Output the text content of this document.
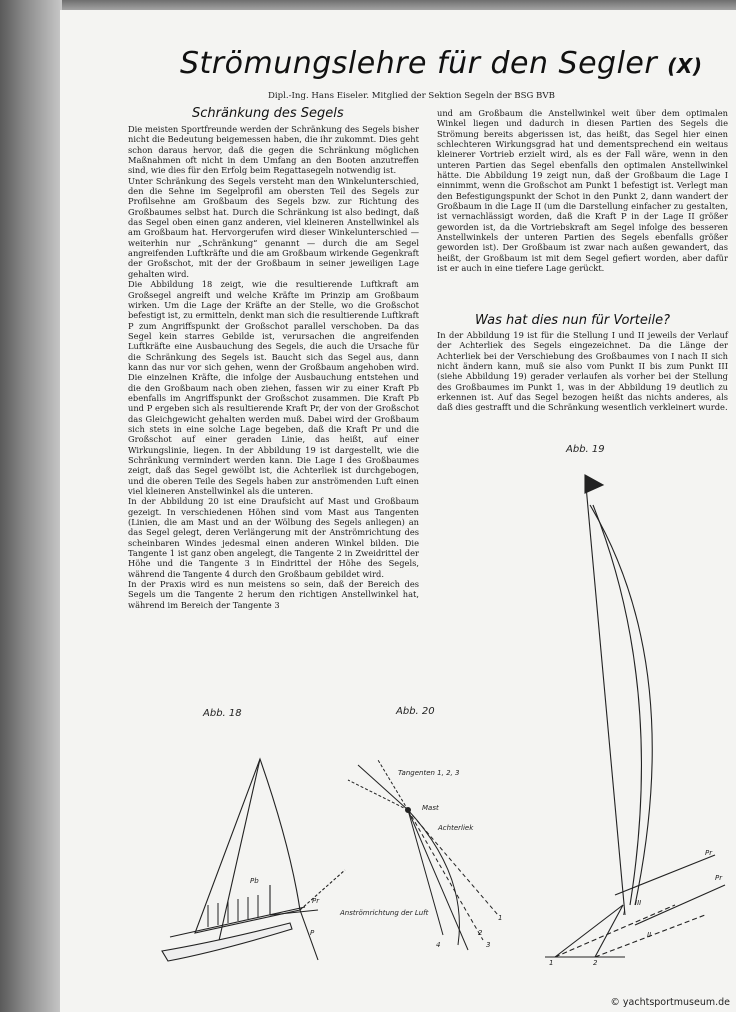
Strömungslehre für den Segler (X)
Dipl.-Ing. Hans Eiseler. Mitglied der Sektion Segeln der BSG BVB
Schränkung des Segels

Die meisten Sportfreunde werden der Schränkung des Segels bisher nicht die Bedeutung beigemessen haben, die ihr zukommt. Dies geht schon daraus hervor, daß die gegen die Schränkung möglichen Maßnahmen oft nicht in dem Umfang an den Booten anzutreffen sind, wie dies für den Erfolg beim Regattasegeln notwendig ist.

Unter Schränkung des Segels versteht man den Winkelunterschied, den die Sehne im Segelprofil am obersten Teil des Segels zur Profilsehne am Großbaum des Segels bzw. zur Richtung des Großbaumes selbst hat. Durch die Schränkung ist also bedingt, daß das Segel oben einen ganz anderen, viel kleineren Anstellwinkel als am Großbaum hat. Hervorgerufen wird dieser Winkelunterschied — weiterhin nur „Schränkung“ genannt — durch die am Segel angreifenden Luftkräfte und die am Großbaum wirkende Gegenkraft der Großschot, mit der der Großbaum in seiner jeweiligen Lage gehalten wird.

Die Abbildung 18 zeigt, wie die resultierende Luftkraft am Großsegel angreift und welche Kräfte im Prinzip am Großbaum wirken. Um die Lage der Kräfte an der Stelle, wo die Großschot befestigt ist, zu ermitteln, denkt man sich die resultierende Luftkraft P zum Angriffspunkt der Großschot parallel verschoben. Da das Segel kein starres Gebilde ist, verursachen die angreifenden Luftkräfte eine Ausbauchung des Segels, die auch die Ursache für die Schränkung des Segels ist. Baucht sich das Segel aus, dann kann das nur vor sich gehen, wenn der Großbaum angehoben wird. Die einzelnen Kräfte, die infolge der Ausbauchung entstehen und die den Großbaum nach oben ziehen, fassen wir zu einer Kraft Pb ebenfalls im Angriffspunkt der Großschot zusammen. Die Kraft Pb und P ergeben sich als resultierende Kraft Pr, der von der Großschot das Gleichgewicht gehalten werden muß. Dabei wird der Großbaum sich stets in eine solche Lage begeben, daß die Kraft Pr und die Großschot auf einer geraden Linie, das heißt, auf einer Wirkungslinie, liegen. In der Abbildung 19 ist dargestellt, wie die Schränkung vermindert werden kann. Die Lage I des Großbaumes zeigt, daß das Segel gewölbt ist, die Achterliek ist durchgebogen, und die oberen Teile des Segels haben zur anströmenden Luft einen viel kleineren Anstellwinkel als die unteren.

In der Abbildung 20 ist eine Draufsicht auf Mast und Großbaum gezeigt. In verschiedenen Höhen sind vom Mast aus Tangenten (Linien, die am Mast und an der Wölbung des Segels anliegen) an das Segel gelegt, deren Verlängerung mit der Anströmrichtung des scheinbaren Windes jedesmal einen anderen Winkel bilden. Die Tangente 1 ist ganz oben angelegt, die Tangente 2 in Zweidrittel der Höhe und die Tangente 3 in Eindrittel der Höhe des Segels, während die Tangente 4 durch den Großbaum gebildet wird.

In der Praxis wird es nun meistens so sein, daß der Bereich des Segels um die Tangente 2 herum den richtigen Anstellwinkel hat, während im Bereich der Tangente 3

und am Großbaum die Anstellwinkel weit über dem optimalen Winkel liegen und dadurch in diesen Partien des Segels die Strömung bereits abgerissen ist, das heißt, das Segel hier einen schlechteren Wirkungsgrad hat und dementsprechend ein weitaus kleinerer Vortrieb erzielt wird, als es der Fall wäre, wenn in den unteren Partien das Segel ebenfalls den optimalen Anstellwinkel hätte. Die Abbildung 19 zeigt nun, daß der Großbaum die Lage I einnimmt, wenn die Großschot am Punkt 1 befestigt ist. Verlegt man den Befestigungspunkt der Schot in den Punkt 2, dann wandert der Großbaum in die Lage II (um die Darstellung einfacher zu gestalten, ist vernachlässigt worden, daß die Kraft P in der Lage II größer geworden ist, da die Vortriebskraft am Segel infolge des besseren Anstellwinkels der unteren Partien des Segels ebenfalls größer geworden ist). Der Großbaum ist zwar nach außen gewandert, das heißt, der Großbaum ist mit dem Segel gefiert worden, aber dafür ist er auch in eine tiefere Lage gerückt.

Was hat dies nun für Vorteile?

In der Abbildung 19 ist für die Stellung I und II jeweils der Verlauf der Achterliek des Segels eingezeichnet. Da die Länge der Achterliek bei der Verschiebung des Großbaumes von I nach II sich nicht ändern kann, muß sie also vom Punkt II bis zum Punkt III (siehe Abbildung 19) gerader verlaufen als vorher bei der Stellung des Großbaumes im Punkt 1, was in der Abbildung 19 deutlich zu erkennen ist. Auf das Segel bezogen heißt das nichts anderes, als daß dies gestrafft und die Schränkung wesentlich verkleinert wurde.

Abb. 18
Pb
Pr
P
Abb. 20
Tangenten 1, 2, 3
Mast
Achterliek
Anströmrichtung der Luft
1
2
3
4
Abb. 19
Pr
Pr
I
II
III
1	2
© yachtsportmuseum.de
